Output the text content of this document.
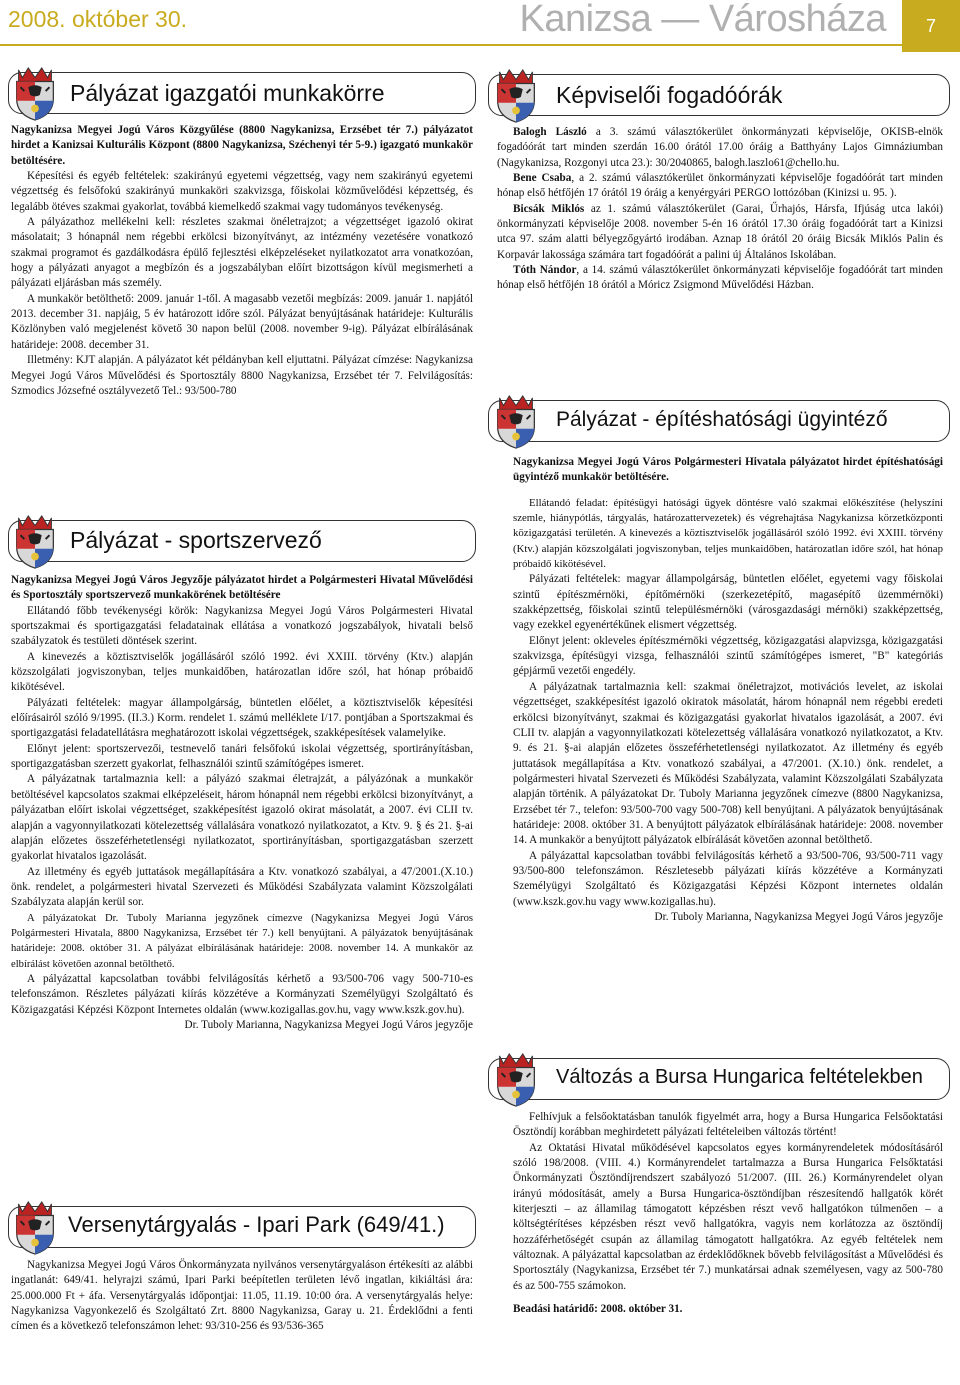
2008. október 30.	Kanizsa — Városháza	7
Pályázat igazgatói munkakörre

Nagykanizsa Megyei Jogú Város Közgyűlése (8800 Nagykanizsa, Erzsébet tér 7.) pályázatot hirdet a Kanizsai Kulturális Központ (8800 Nagykanizsa, Széchenyi tér 5-9.) igazgató munkakör betöltésére.

Képesítési és egyéb feltételek: szakirányú egyetemi végzettség, vagy nem szakirányú egyetemi végzettség és felsőfokú szakirányú munkaköri szakvizsga, főiskolai közművelődési képzettség, és legalább ötéves szakmai gyakorlat, továbbá kiemelkedő szakmai vagy tudományos tevékenység.

A pályázathoz mellékelni kell: részletes szakmai önéletrajzot; a végzettséget igazoló okirat másolatait; 3 hónapnál nem régebbi erkölcsi bizonyítványt, az intézmény vezetésére vonatkozó szakmai programot és gazdálkodásra épülő fejlesztési elképzeléseket nyilatkozatot arra vonatkozóan, hogy a pályázati anyagot a megbízón és a jogszabályban előírt bizottságon kívül megismerheti a pályázati eljárásban más személy.

A munkakör betölthető: 2009. január 1-től. A magasabb vezetői megbízás: 2009. január 1. napjától 2013. december 31. napjáig, 5 év határozott időre szól. Pályázat benyújtásának határideje: Kulturális Közlönyben való megjelenést követő 30 napon belül (2008. november 9-ig). Pályázat elbírálásának határideje: 2008. december 31.

Illetmény: KJT alapján. A pályázatot két példányban kell eljuttatni. Pályázat címzése: Nagykanizsa Megyei Jogú Város Művelődési és Sportosztály 8800 Nagykanizsa, Erzsébet tér 7. Felvilágosítás: Szmodics Józsefné osztályvezető Tel.: 93/500-780

Pályázat - sportszervező

Nagykanizsa Megyei Jogú Város Jegyzője pályázatot hirdet a Polgármesteri Hivatal Művelődési és Sportosztály sportszervező munkakörének betöltésére

Ellátandó főbb tevékenységi körök: Nagykanizsa Megyei Jogú Város Polgármesteri Hivatal sportszakmai és sportigazgatási feladatainak ellátása a vonatkozó jogszabályok, hivatali belső szabályzatok és testületi döntések szerint.

A kinevezés a köztisztviselők jogállásáról szóló 1992. évi XXIII. törvény (Ktv.) alapján közszolgálati jogviszonyban, teljes munkaidőben, határozatlan időre szól, hat hónap próbaidő kikötésével.

Pályázati feltételek: magyar állampolgárság, büntetlen előélet, a köztisztviselők képesítési előírásairól szóló 9/1995. (II.3.) Korm. rendelet 1. számú melléklete I/17. pontjában a Sportszakmai és sportigazgatási feladatellátásra meghatározott iskolai végzettségek, szakképesítések valamelyike.

Előnyt jelent: sportszervezői, testnevelő tanári felsőfokú iskolai végzettség, sportirányításban, sportigazgatásban szerzett gyakorlat, felhasználói szintű számítógépes ismeret.

A pályázatnak tartalmaznia kell: a pályázó szakmai életrajzát, a pályázónak a munkakör betöltésével kapcsolatos szakmai elképzeléseit, három hónapnál nem régebbi erkölcsi bizonyítványt, a pályázatban előírt iskolai végzettséget, szakképesítést igazoló okirat másolatát, a 2007. évi CLII tv. alapján a vagyonnyilatkozati kötelezettség vállalására vonatkozó nyilatkozatot, a Ktv. 9. § és 21. §-ai alapján előzetes összeférhetetlenségi nyilatkozatot, sportirányításban, sportigazgatásban szerzett gyakorlat hivatalos igazolását.

Az illetmény és egyéb juttatások megállapítására a Ktv. vonatkozó szabályai, a 47/2001.(X.10.) önk. rendelet, a polgármesteri hivatal Szervezeti és Működési Szabályzata valamint Közszolgálati Szabályzata alapján kerül sor.

A pályázatokat Dr. Tuboly Marianna jegyzőnek címezve (Nagykanizsa Megyei Jogú Város Polgármesteri Hivatala, 8800 Nagykanizsa, Erzsébet tér 7.) kell benyújtani. A pályázatok benyújtásának határideje: 2008. október 31. A pályázat elbírálásának határideje: 2008. november 14. A munkakör az elbírálást követően azonnal betölthető.

A pályázattal kapcsolatban további felvilágosítás kérhető a 93/500-706 vagy 500-710-es telefonszámon. Részletes pályázati kiírás közzétéve a Kormányzati Személyügyi Szolgáltató és Közigazgatási Képzési Központ Internetes oldalán (www.kozigallas.gov.hu, vagy www.kszk.gov.hu).

Dr. Tuboly Marianna, Nagykanizsa Megyei Jogú Város jegyzője

Versenytárgyalás - Ipari Park (649/41.)

Nagykanizsa Megyei Jogú Város Önkormányzata nyilvános versenytárgyaláson értékesíti az alábbi ingatlanát: 649/41. helyrajzi számú, Ipari Parki beépítetlen területen lévő ingatlan, kikiáltási ára: 25.000.000 Ft + áfa. Versenytárgyalás időpontjai: 11.05, 11.19. 10:00 óra. A versenytárgyalás helye: Nagykanizsa Vagyonkezelő és Szolgáltató Zrt. 8800 Nagykanizsa, Garay u. 21. Érdeklődni a fenti címen és a következő telefonszámon lehet: 93/310-256 és 93/536-365

Képviselői fogadóórák

Balogh László a 3. számú választókerület önkormányzati képviselője, OKISB-elnök fogadóórát tart minden szerdán 16.00 órától 17.00 óráig a Batthyány Lajos Gimnáziumban (Nagykanizsa, Rozgonyi utca 23.): 30/2040865, balogh.laszlo61@chello.hu.

Bene Csaba, a 2. számú választókerület önkormányzati képviselője fogadóórát tart minden hónap első hétfőjén 17 órától 19 óráig a kenyérgyári PERGO lottózóban (Kinizsi u. 95. ).

Bicsák Miklós az 1. számú választókerület (Garai, Űrhajós, Hársfa, Ifjúság utca lakói) önkormányzati képviselője 2008. november 5-én 16 órától 17.30 óráig fogadóórát tart a Kinizsi utca 97. szám alatti bélyegzőgyártó irodában. Aznap 18 órától 20 óráig Bicsák Miklós Palin és Korpavár lakossága számára tart fogadóórát a palini új Általános Iskolában.

Tóth Nándor, a 14. számú választókerület önkormányzati képviselője fogadóórát tart minden hónap első hétfőjén 18 órától a Móricz Zsigmond Művelődési Házban.

Pályázat - építéshatósági ügyintéző

Nagykanizsa Megyei Jogú Város Polgármesteri Hivatala pályázatot hirdet építéshatósági ügyintéző munkakör betöltésére.

Ellátandó feladat: építésügyi hatósági ügyek döntésre való szakmai előkészítése (helyszíni szemle, hiánypótlás, tárgyalás, határozattervezetek) és végrehajtása Nagykanizsa körzetközponti közigazgatási területén. A kinevezés a köztisztviselők jogállásáról szóló 1992. évi XXIII. törvény (Ktv.) alapján közszolgálati jogviszonyban, teljes munkaidőben, határozatlan időre szól, hat hónap próbaidő kikötésével.

Pályázati feltételek: magyar állampolgárság, büntetlen előélet, egyetemi vagy főiskolai szintű építészmérnöki, építőmérnöki (szerkezetépítő, magasépítő üzemmérnöki) szakképzettség, főiskolai szintű településmérnöki (városgazdasági mérnöki) szakképzettség, vagy ezekkel egyenértékűnek elismert végzettség.

Előnyt jelent: okleveles építészmérnöki végzettség, közigazgatási alapvizsga, közigazgatási szakvizsga, építésügyi vizsga, felhasználói szintű számítógépes ismeret, "B" kategóriás gépjármű vezetői engedély.

A pályázatnak tartalmaznia kell: szakmai önéletrajzot, motivációs levelet, az iskolai végzettséget, szakképesítést igazoló okiratok másolatát, három hónapnál nem régebbi eredeti erkölcsi bizonyítványt, szakmai és közigazgatási gyakorlat hivatalos igazolását, a 2007. évi CLII tv. alapján a vagyonnyilatkozati kötelezettség vállalására vonatkozó nyilatkozatot, a Ktv. 9. és 21. §-ai alapján előzetes összeférhetetlenségi nyilatkozatot. Az illetmény és egyéb juttatások megállapítása a Ktv. vonatkozó szabályai, a 47/2001. (X.10.) önk. rendelet, a polgármesteri hivatal Szervezeti és Működési Szabályzata, valamint Közszolgálati Szabályzata alapján történik. A pályázatokat Dr. Tuboly Marianna jegyzőnek címezve (8800 Nagykanizsa, Erzsébet tér 7., telefon: 93/500-700 vagy 500-708) kell benyújtani. A pályázatok benyújtásának határideje: 2008. október 31. A benyújtott pályázatok elbírálásának határideje: 2008. november 14. A munkakör a benyújtott pályázatok elbírálását követően azonnal betölthető.

A pályázattal kapcsolatban további felvilágosítás kérhető a 93/500-706, 93/500-711 vagy 93/500-800 telefonszámon. Részletesebb pályázati kiírás közzétéve a Kormányzati Személyügyi Szolgáltató és Közigazgatási Képzési Központ internetes oldalán (www.kszk.gov.hu vagy www.kozigallas.hu).

Dr. Tuboly Marianna, Nagykanizsa Megyei Jogú Város jegyzője

Változás a Bursa Hungarica feltételekben

Felhívjuk a felsőoktatásban tanulók figyelmét arra, hogy a Bursa Hungarica Felsőoktatási Ösztöndíj korábban meghirdetett pályázati feltételeiben változás történt!

Az Oktatási Hivatal működésével kapcsolatos egyes kormányrendeletek módosításáról szóló 198/2008. (VIII. 4.) Kormányrendelet tartalmazza a Bursa Hungarica Felsőktatási Önkormányzati Ösztöndíjrendszert szabályozó 51/2007. (III. 26.) Kormányrendelet olyan irányú módosítását, amely a Bursa Hungarica-ösztöndíjban részesítendő hallgatók körét kiterjeszti – az államilag támogatott képzésben részt vevő hallgatókon túlmenően – a költségtérítéses képzésben részt vevő hallgatókra, vagyis nem korlátozza az ösztöndíj hozzáférhetőségét csupán az államilag támogatott hallgatókra. Az egyéb feltételek nem változnak. A pályázattal kapcsolatban az érdeklődőknek bővebb felvilágosítást a Művelődési és Sportosztály (Nagykanizsa, Erzsébet tér 7.) munkatársai adnak személyesen, vagy az 500-780 és az 500-755 számokon.

Beadási határidő: 2008. október 31.
